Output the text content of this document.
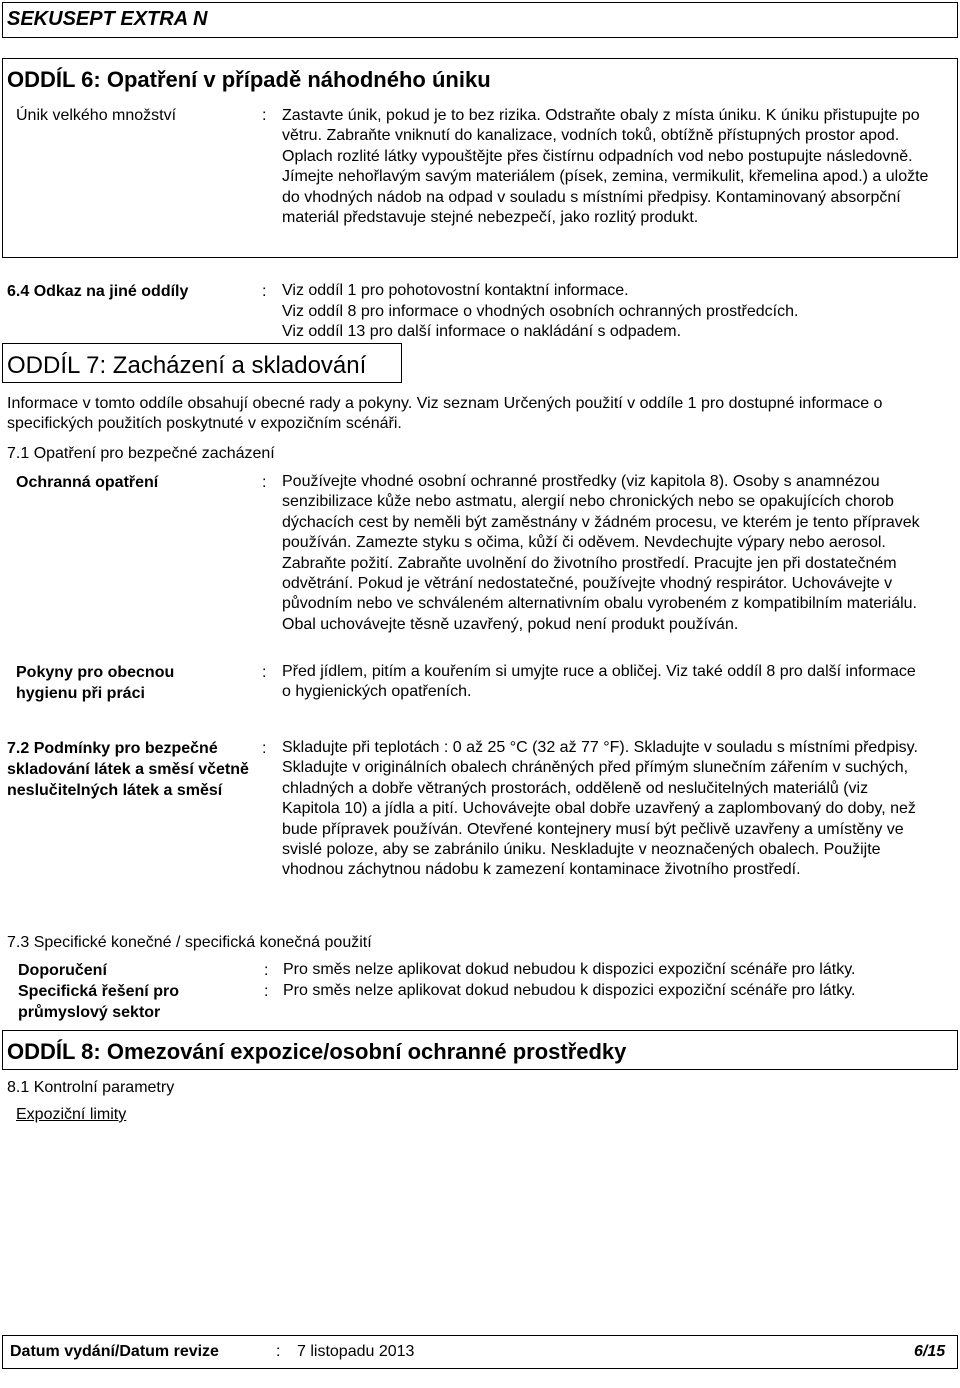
SEKUSEPT EXTRA N
ODDÍL 6: Opatření v případě náhodného úniku
Únik velkého množství	: Zastavte únik, pokud je to bez rizika. Odstraňte obaly z místa úniku. K úniku přistupujte po větru. Zabraňte vniknutí do kanalizace, vodních toků, obtížně přístupných prostor apod. Oplach rozlité látky vypouštějte přes čistírnu odpadních vod nebo postupujte následovně. Jímejte nehořlavým savým materiálem (písek, zemina, vermikulit, křemelina apod.) a uložte do vhodných nádob na odpad v souladu s místními předpisy. Kontaminovaný absorpční materiál představuje stejné nebezpečí, jako rozlitý produkt.
6.4 Odkaz na jiné oddíly	: Viz oddíl 1 pro pohotovostní kontaktní informace.
Viz oddíl 8 pro informace o vhodných osobních ochranných prostředcích.
Viz oddíl 13 pro další informace o nakládání s odpadem.
ODDÍL 7: Zacházení a skladování
Informace v tomto oddíle obsahují obecné rady a pokyny. Viz seznam Určených použití v oddíle 1 pro dostupné informace o specifických použitích poskytnuté v expozičním scénáři.
7.1 Opatření pro bezpečné zacházení
Ochranná opatření	: Používejte vhodné osobní ochranné prostředky (viz kapitola 8). Osoby s anamnézou senzibilizace kůže nebo astmatu, alergií nebo chronických nebo se opakujících chorob dýchacích cest by neměli být zaměstnány v žádném procesu, ve kterém je tento přípravek používán. Zamezte styku s očima, kůží či oděvem. Nevdechujte výpary nebo aerosol. Zabraňte požití. Zabraňte uvolnění do životního prostředí. Pracujte jen při dostatečném odvětrání. Pokud je větrání nedostatečné, používejte vhodný respirátor. Uchovávejte v původním nebo ve schváleném alternativním obalu vyrobeném z kompatibilním materiálu. Obal uchovávejte těsně uzavřený, pokud není produkt používán.
Pokyny pro obecnou hygienu při práci
: Před jídlem, pitím a kouřením si umyjte ruce a obličej. Viz také oddíl 8 pro další informace o hygienických opatřeních.
7.2 Podmínky pro bezpečné skladování látek a směsí včetně neslučitelných látek a směsí
: Skladujte při teplotách : 0 až 25 °C (32 až 77 °F). Skladujte v souladu s místními předpisy. Skladujte v originálních obalech chráněných před přímým slunečním zářením v suchých, chladných a dobře větraných prostorách, odděleně od neslučitelných materiálů (viz Kapitola 10) a jídla a pití. Uchovávejte obal dobře uzavřený a zaplombovaný do doby, než bude přípravek používán. Otevřené kontejnery musí být pečlivě uzavřeny a umístěny ve svislé poloze, aby se zabránilo úniku. Neskladujte v neoznačených obalech. Použijte vhodnou záchytnou nádobu k zamezení kontaminace životního prostředí.
7.3 Specifické konečné / specifická konečná použití
Doporučení	: Pro směs nelze aplikovat dokud nebudou k dispozici expoziční scénáře pro látky.
Specifická řešení pro průmyslový sektor
: Pro směs nelze aplikovat dokud nebudou k dispozici expoziční scénáře pro látky.
ODDÍL 8: Omezování expozice/osobní ochranné prostředky
8.1 Kontrolní parametry
Expoziční limity
Datum vydání/Datum revize	: 7 listopadu 2013	6/15
